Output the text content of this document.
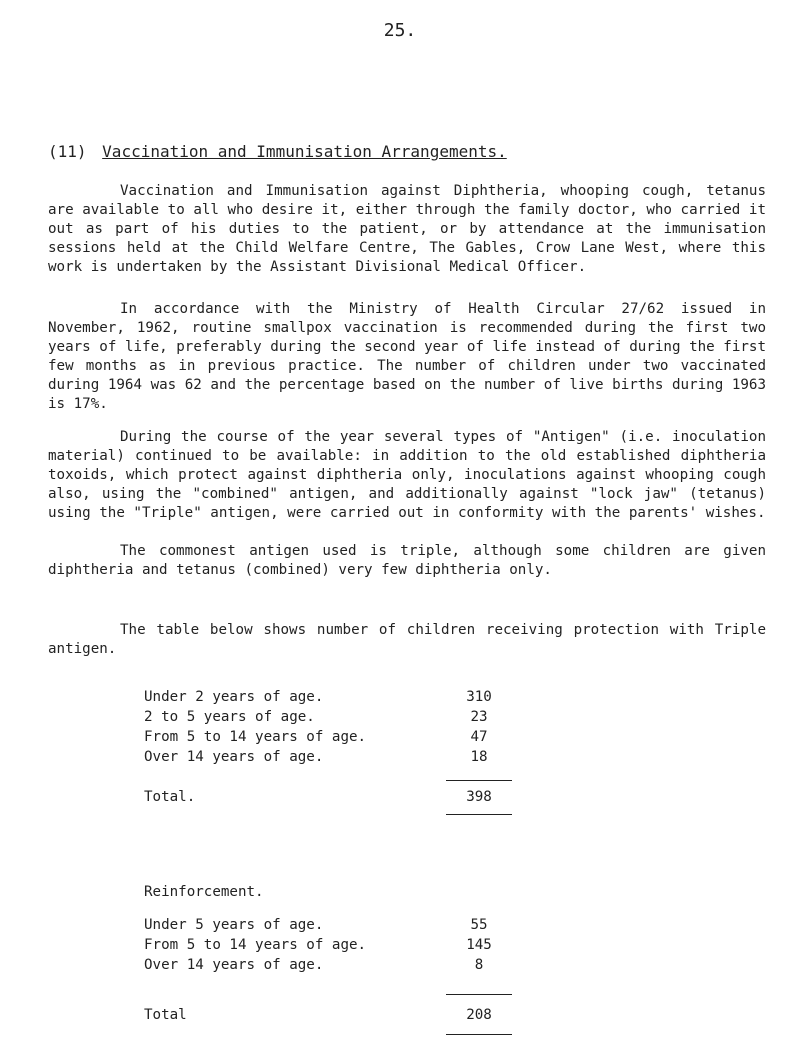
25.
(11) Vaccination and Immunisation Arrangements.

Vaccination and Immunisation against Diphtheria, whooping cough, tetanus are available to all who desire it, either through the family doctor, who carried it out as part of his duties to the patient, or by attendance at the immunisation sessions held at the Child Welfare Centre, The Gables, Crow Lane West, where this work is undertaken by the Assistant Divisional Medical Officer.

In accordance with the Ministry of Health Circular 27/62 issued in November, 1962, routine smallpox vaccination is recommended during the first two years of life, preferably during the second year of life instead of during the first few months as in previous practice. The number of children under two vaccinated during 1964 was 62 and the percentage based on the number of live births during 1963 is 17%.

During the course of the year several types of "Antigen" (i.e. inoculation material) continued to be available: in addition to the old established diphtheria toxoids, which protect against diphtheria only, inoculations against whooping cough also, using the "combined" antigen, and additionally against "lock jaw" (tetanus) using the "Triple" antigen, were carried out in conformity with the parents' wishes.

The commonest antigen used is triple, although some children are given diphtheria and tetanus (combined) very few diphtheria only.

The table below shows number of children receiving protection with Triple antigen.

Under 2 years of age.	310
2 to 5 years of age.	23
From 5 to 14 years of age.	47
Over 14 years of age.	18
Total.	398
Reinforcement.
Under 5 years of age.	55
From 5 to 14 years of age.	145
Over 14 years of age.	8
Total	208
